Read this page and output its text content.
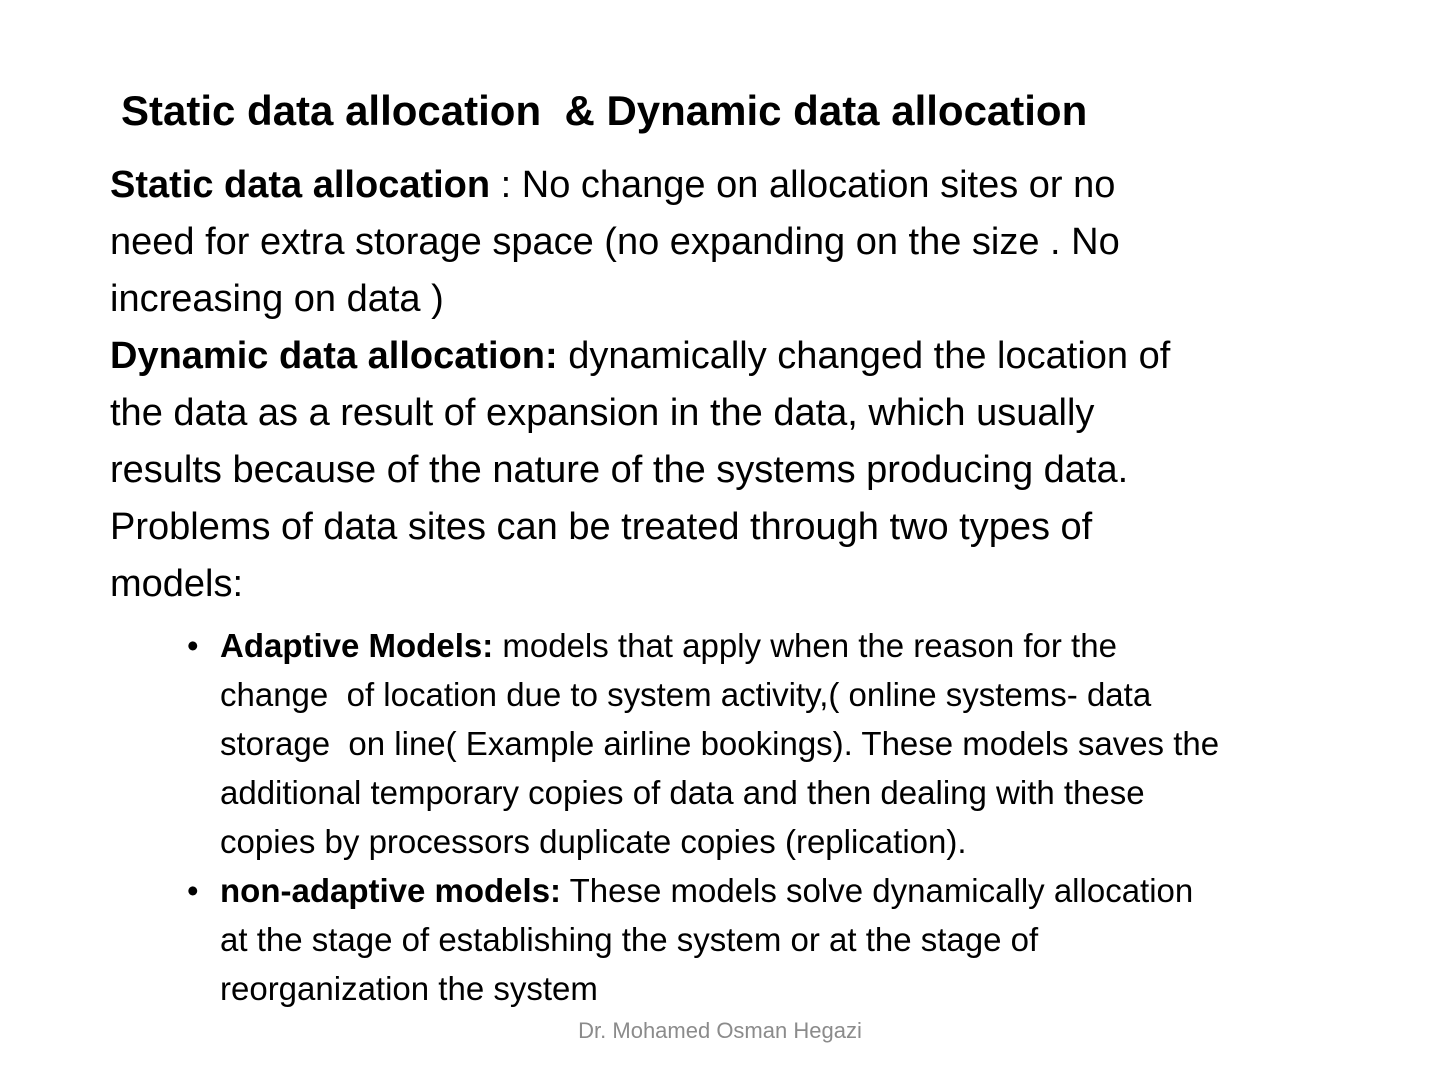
Static data allocation  & Dynamic data allocation
Static data allocation : No change on allocation sites or no
need for extra storage space (no expanding on the size . No
increasing on data )
Dynamic data allocation: dynamically changed the location of
the data as a result of expansion in the data, which usually
results because of the nature of the systems producing data.
Problems of data sites can be treated through two types of
models:
• Adaptive Models: models that apply when the reason for the
change  of location due to system activity,( online systems- data
storage  on line( Example airline bookings). These models saves the
additional temporary copies of data and then dealing with these
copies by processors duplicate copies (replication).
• non-adaptive models: These models solve dynamically allocation
at the stage of establishing the system or at the stage of
reorganization the system
Dr. Mohamed Osman Hegazi
